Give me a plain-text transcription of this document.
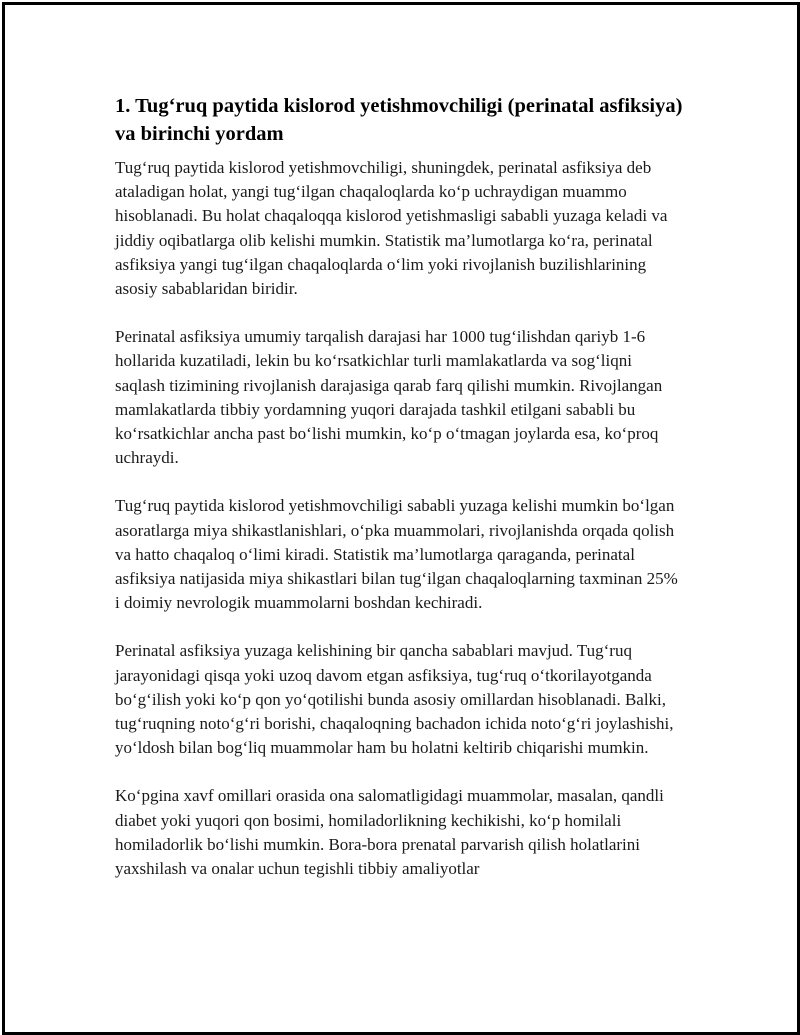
1. Tug‘ruq paytida kislorod yetishmovchiligi (perinatal asfiksiya) va birinchi yordam

Tug‘ruq paytida kislorod yetishmovchiligi, shuningdek, perinatal asfiksiya deb ataladigan holat, yangi tug‘ilgan chaqaloqlarda ko‘p uchraydigan muammo hisoblanadi. Bu holat chaqaloqqa kislorod yetishmasligi sababli yuzaga keladi va jiddiy oqibatlarga olib kelishi mumkin. Statistik ma’lumotlarga ko‘ra, perinatal asfiksiya yangi tug‘ilgan chaqaloqlarda o‘lim yoki rivojlanish buzilishlarining asosiy sabablaridan biridir.

Perinatal asfiksiya umumiy tarqalish darajasi har 1000 tug‘ilishdan qariyb 1-6 hollarida kuzatiladi, lekin bu ko‘rsatkichlar turli mamlakatlarda va sog‘liqni saqlash tizimining rivojlanish darajasiga qarab farq qilishi mumkin. Rivojlangan mamlakatlarda tibbiy yordamning yuqori darajada tashkil etilgani sababli bu ko‘rsatkichlar ancha past bo‘lishi mumkin, ko‘p o‘tmagan joylarda esa, ko‘proq uchraydi.

Tug‘ruq paytida kislorod yetishmovchiligi sababli yuzaga kelishi mumkin bo‘lgan asoratlarga miya shikastlanishlari, o‘pka muammolari, rivojlanishda orqada qolish va hatto chaqaloq o‘limi kiradi. Statistik ma’lumotlarga qaraganda, perinatal asfiksiya natijasida miya shikastlari bilan tug‘ilgan chaqaloqlarning taxminan 25% i doimiy nevrologik muammolarni boshdan kechiradi.

Perinatal asfiksiya yuzaga kelishining bir qancha sabablari mavjud. Tug‘ruq jarayonidagi qisqa yoki uzoq davom etgan asfiksiya, tug‘ruq o‘tkorilayotganda bo‘g‘ilish yoki ko‘p qon yo‘qotilishi bunda asosiy omillardan hisoblanadi. Balki, tug‘ruqning noto‘g‘ri borishi, chaqaloqning bachadon ichida noto‘g‘ri joylashishi, yo‘ldosh bilan bog‘liq muammolar ham bu holatni keltirib chiqarishi mumkin.

Ko‘pgina xavf omillari orasida ona salomatligidagi muammolar, masalan, qandli diabet yoki yuqori qon bosimi, homiladorlikning kechikishi, ko‘p homilali homiladorlik bo‘lishi mumkin. Bora-bora prenatal parvarish qilish holatlarini yaxshilash va onalar uchun tegishli tibbiy amaliyotlar
